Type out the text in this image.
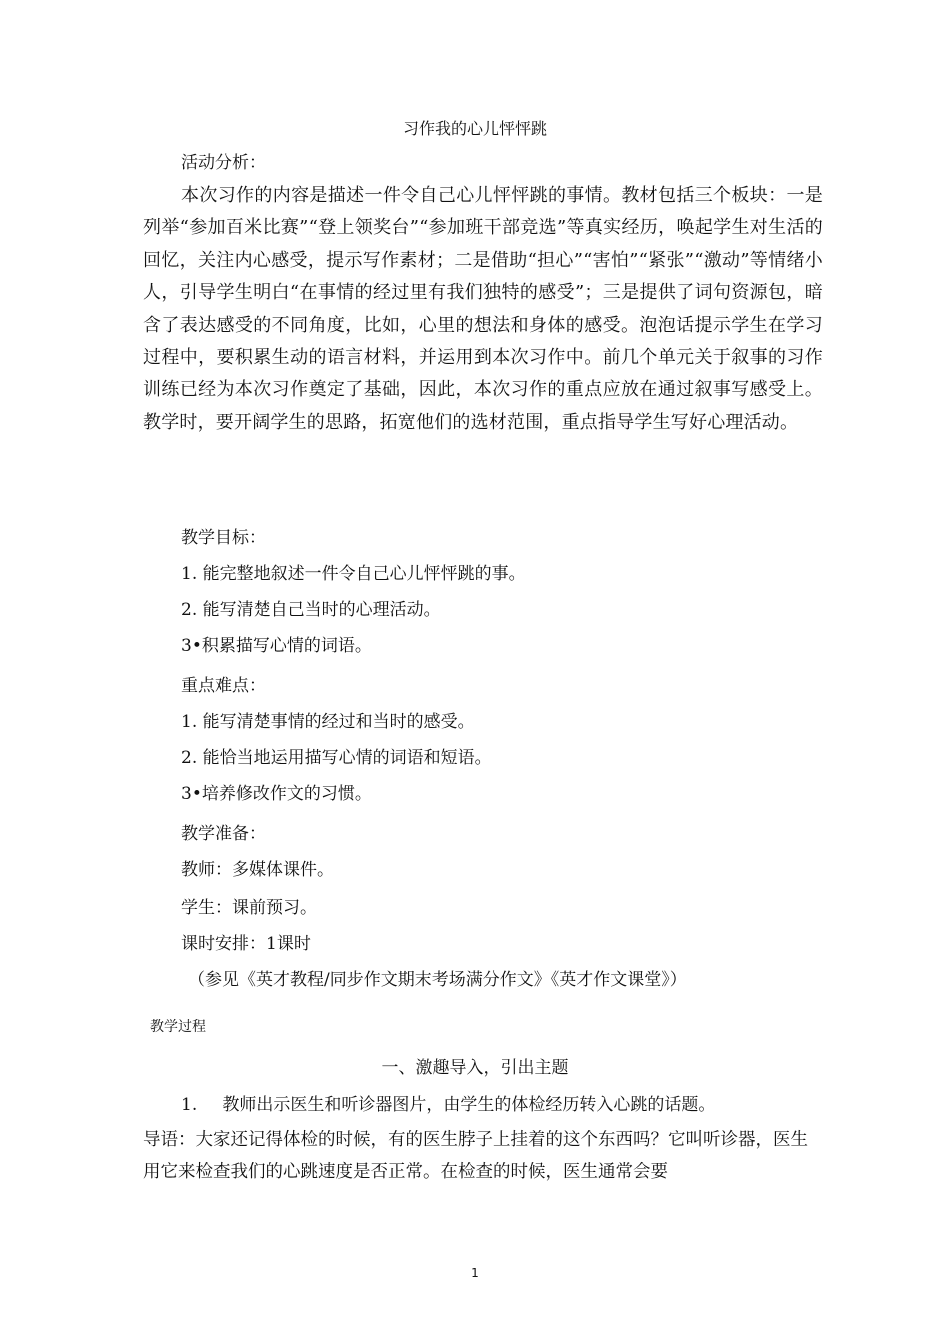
习作我的心儿怦怦跳
活动分析：

本次习作的内容是描述一件令自己心儿怦怦跳的事情。教材包括三个板块：一是列举“参加百米比赛”“登上领奖台”“参加班干部竞选”等真实经历，唤起学生对生活的回忆，关注内心感受，提示写作素材；二是借助“担心”“害怕”“紧张”“激动”等情绪小人，引导学生明白“在事情的经过里有我们独特的感受”；三是提供了词句资源包，暗含了表达感受的不同角度，比如，心里的想法和身体的感受。泡泡话提示学生在学习过程中，要积累生动的语言材料，并运用到本次习作中。前几个单元关于叙事的习作训练已经为本次习作奠定了基础，因此，本次习作的重点应放在通过叙事写感受上。教学时，要开阔学生的思路，拓宽他们的选材范围，重点指导学生写好心理活动。

教学目标：
1. 能完整地叙述一件令自己心儿怦怦跳的事。
2. 能写清楚自己当时的心理活动。
3•积累描写心情的词语。
重点难点：
1. 能写清楚事情的经过和当时的感受。
2. 能恰当地运用描写心情的词语和短语。
3•培养修改作文的习惯。
教学准备：
教师：多媒体课件。
学生：课前预习。
课时安排：1课时
（参见《英才教程/同步作文期末考场满分作文》《英才作文课堂》）
教学过程
一、激趣导入，引出主题
1. 教师出示医生和听诊器图片，由学生的体检经历转入心跳的话题。

导语：大家还记得体检的时候，有的医生脖子上挂着的这个东西吗？它叫听诊器，医生用它来检查我们的心跳速度是否正常。在检查的时候，医生通常会要

1
